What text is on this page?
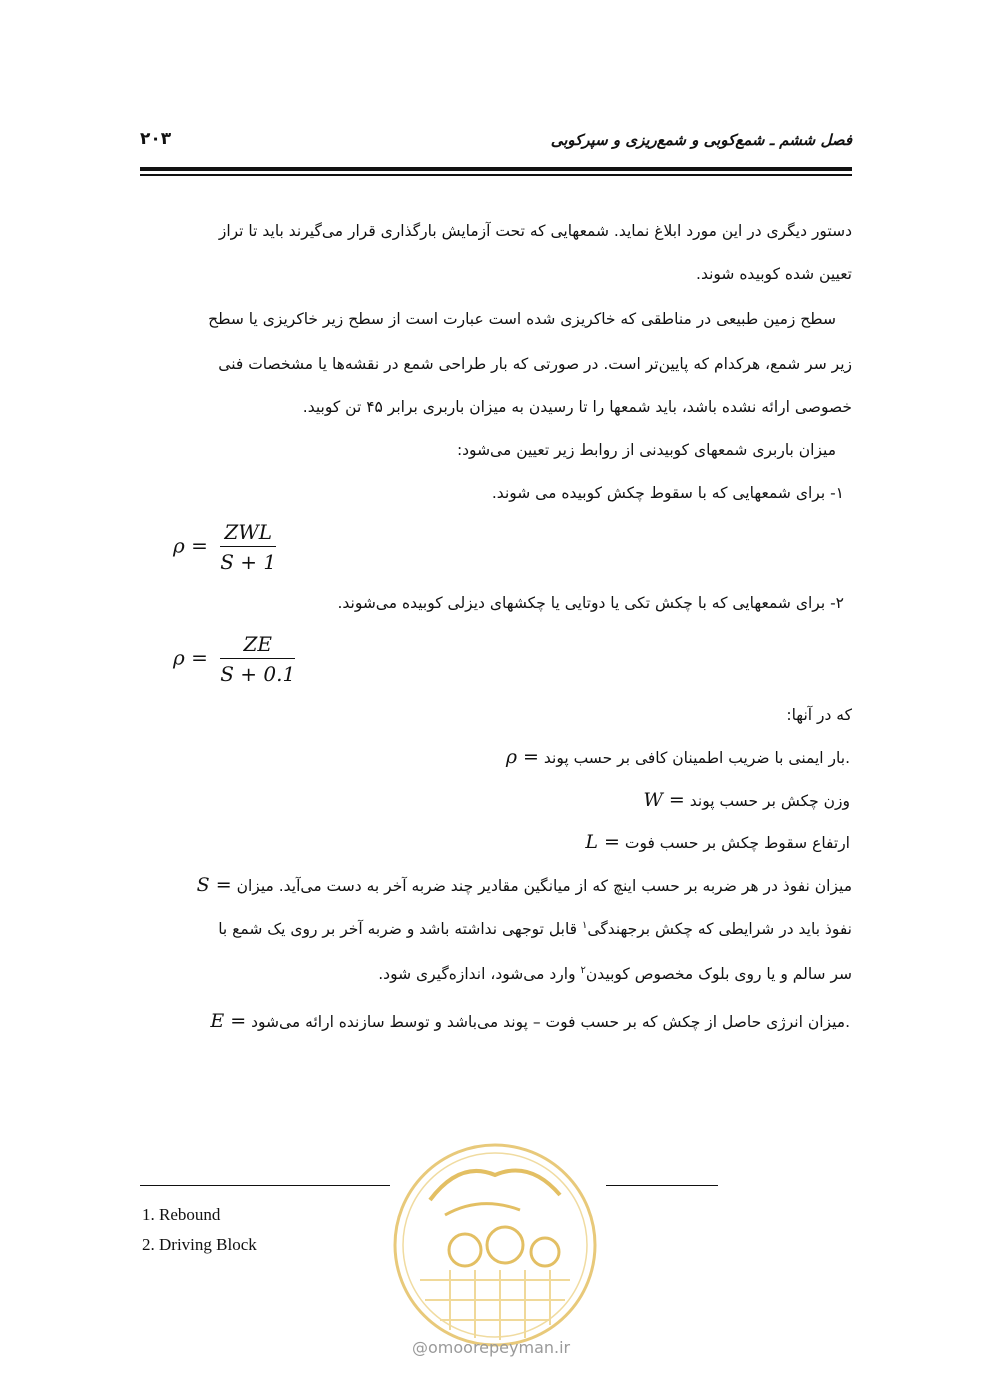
فصل ششم ـ شمع‌کوبی و شمع‌ریزی و سپرکوبی
۲۰۳
دستور دیگری در این مورد ابلاغ نماید. شمعهایی که تحت آزمایش بارگذاری قرار می‌گیرند باید تا تراز
تعیین شده کوبیده شوند.
سطح زمین طبیعی در مناطقی که خاکریزی شده است عبارت است از سطح زیر خاکریزی یا سطح
زیر سر شمع، هرکدام که پایین‌تر است. در صورتی که بار طراحی شمع در نقشه‌ها یا مشخصات فنی
خصوصی ارائه نشده باشد، باید شمعها را تا رسیدن به میزان باربری برابر ۴۵ تن کوبید.
میزان باربری شمعهای کوبیدنی از روابط زیر تعیین می‌شود:
۱- برای شمعهایی که با سقوط چکش کوبیده می شوند.
$\rho = \frac{\text{ZWL}}{S + 1}$
۲- برای شمعهایی که با چکش تکی یا دوتایی یا چکشهای دیزلی کوبیده می‌شوند.
$\rho = \frac{ZE}{S + 0.1}$
که در آنها:
ρ = بار ایمنی با ضریب اطمینان کافی بر حسب پوند.
W = وزن چکش بر حسب پوند
L = ارتفاع سقوط چکش بر حسب فوت
S = میزان نفوذ در هر ضربه بر حسب اینچ که از میانگین مقادیر چند ضربه آخر به دست می‌آید. میزان
نفوذ باید در شرایطی که چکش برجهندگی$^۱$ قابل توجهی نداشته باشد و ضربه آخر بر روی یک شمع با
سر سالم و یا روی بلوک مخصوص کوبیدن$^۲$ وارد می‌شود، اندازه‌گیری شود.
E = میزان انرژی حاصل از چکش که بر حسب فوت – پوند می‌باشد و توسط سازنده ارائه می‌شود.
1. Rebound
2. Driving Block
@omoorepeyman.ir
